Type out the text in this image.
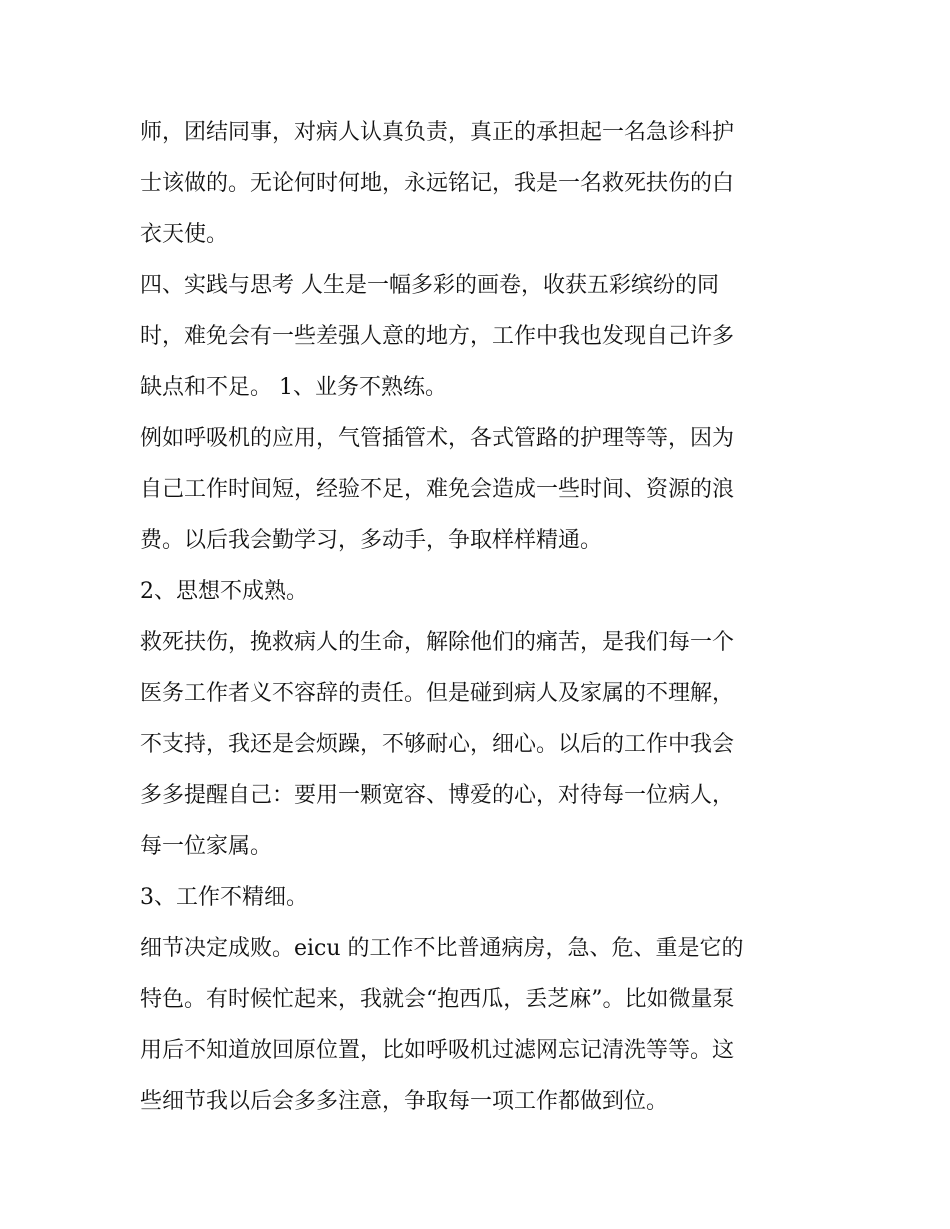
师，团结同事，对病人认真负责，真正的承担起一名急诊科护
士该做的。无论何时何地，永远铭记，我是一名救死扶伤的白
衣天使。
四、实践与思考 人生是一幅多彩的画卷，收获五彩缤纷的同
时，难免会有一些差强人意的地方，工作中我也发现自己许多
缺点和不足。 1、业务不熟练。
例如呼吸机的应用，气管插管术，各式管路的护理等等，因为
自己工作时间短，经验不足，难免会造成一些时间、资源的浪
费。以后我会勤学习，多动手，争取样样精通。
2、思想不成熟。
救死扶伤，挽救病人的生命，解除他们的痛苦，是我们每一个
医务工作者义不容辞的责任。但是碰到病人及家属的不理解，
不支持，我还是会烦躁，不够耐心，细心。以后的工作中我会
多多提醒自己：要用一颗宽容、博爱的心，对待每一位病人，
每一位家属。
3、工作不精细。
细节决定成败。eicu 的工作不比普通病房，急、危、重是它的
特色。有时候忙起来，我就会“抱西瓜，丢芝麻”。比如微量泵
用后不知道放回原位置，比如呼吸机过滤网忘记清洗等等。这
些细节我以后会多多注意，争取每一项工作都做到位。
